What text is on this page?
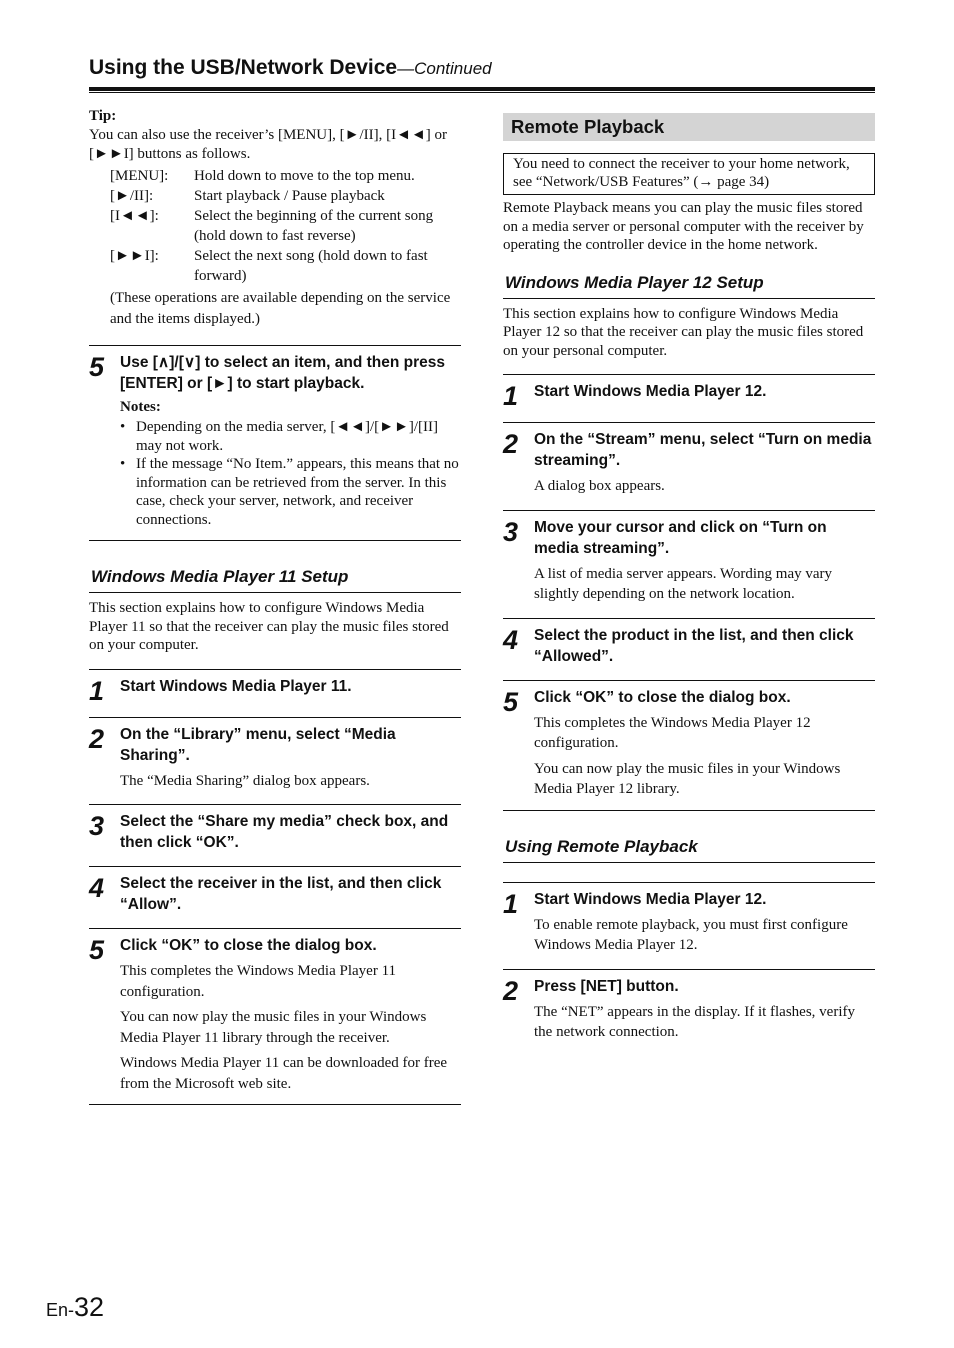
Using the USB/Network Device—Continued

Tip:

You can also use the receiver’s [MENU], [►/II], [I◄◄] or [►►I] buttons as follows.

[MENU]:	Hold down to move to the top menu.
[►/II]:	Start playback / Pause playback
[I◄◄]:	Select the beginning of the current song (hold down to fast reverse)
[►►I]:	Select the next song (hold down to fast forward)

(These operations are available depending on the service and the items displayed.)

5	Use [∧]/[∨] to select an item, and then press [ENTER] or [►] to start playback.

Notes:

• Depending on the media server, [◄◄]/[►►]/[II] may not work.
• If the message “No Item.” appears, this means that no information can be retrieved from the server. In this case, check your server, network, and receiver connections.

Windows Media Player 11 Setup

This section explains how to configure Windows Media Player 11 so that the receiver can play the music files stored on your computer.

1	Start Windows Media Player 11.

2	On the “Library” menu, select “Media Sharing”.

The “Media Sharing” dialog box appears.

3	Select the “Share my media” check box, and then click “OK”.

4	Select the receiver in the list, and then click “Allow”.

5	Click “OK” to close the dialog box.

This completes the Windows Media Player 11 configuration.

You can now play the music files in your Windows Media Player 11 library through the receiver.

Windows Media Player 11 can be downloaded for free from the Microsoft web site.

Remote Playback
You need to connect the receiver to your home network, see “Network/USB Features” (→ page 34)

Remote Playback means you can play the music files stored on a media server or personal computer with the receiver by operating the controller device in the home network.

Windows Media Player 12 Setup

This section explains how to configure Windows Media Player 12 so that the receiver can play the music files stored on your personal computer.

1	Start Windows Media Player 12.

2	On the “Stream” menu, select “Turn on media streaming”.

A dialog box appears.

3	Move your cursor and click on “Turn on media streaming”.

A list of media server appears. Wording may vary slightly depending on the network location.

4	Select the product in the list, and then click “Allowed”.

5	Click “OK” to close the dialog box.

This completes the Windows Media Player 12 configuration.

You can now play the music files in your Windows Media Player 12 library.

Using Remote Playback

1	Start Windows Media Player 12.

To enable remote playback, you must first configure Windows Media Player 12.

2	Press [NET] button.

The “NET” appears in the display. If it flashes, verify the network connection.

En-32
